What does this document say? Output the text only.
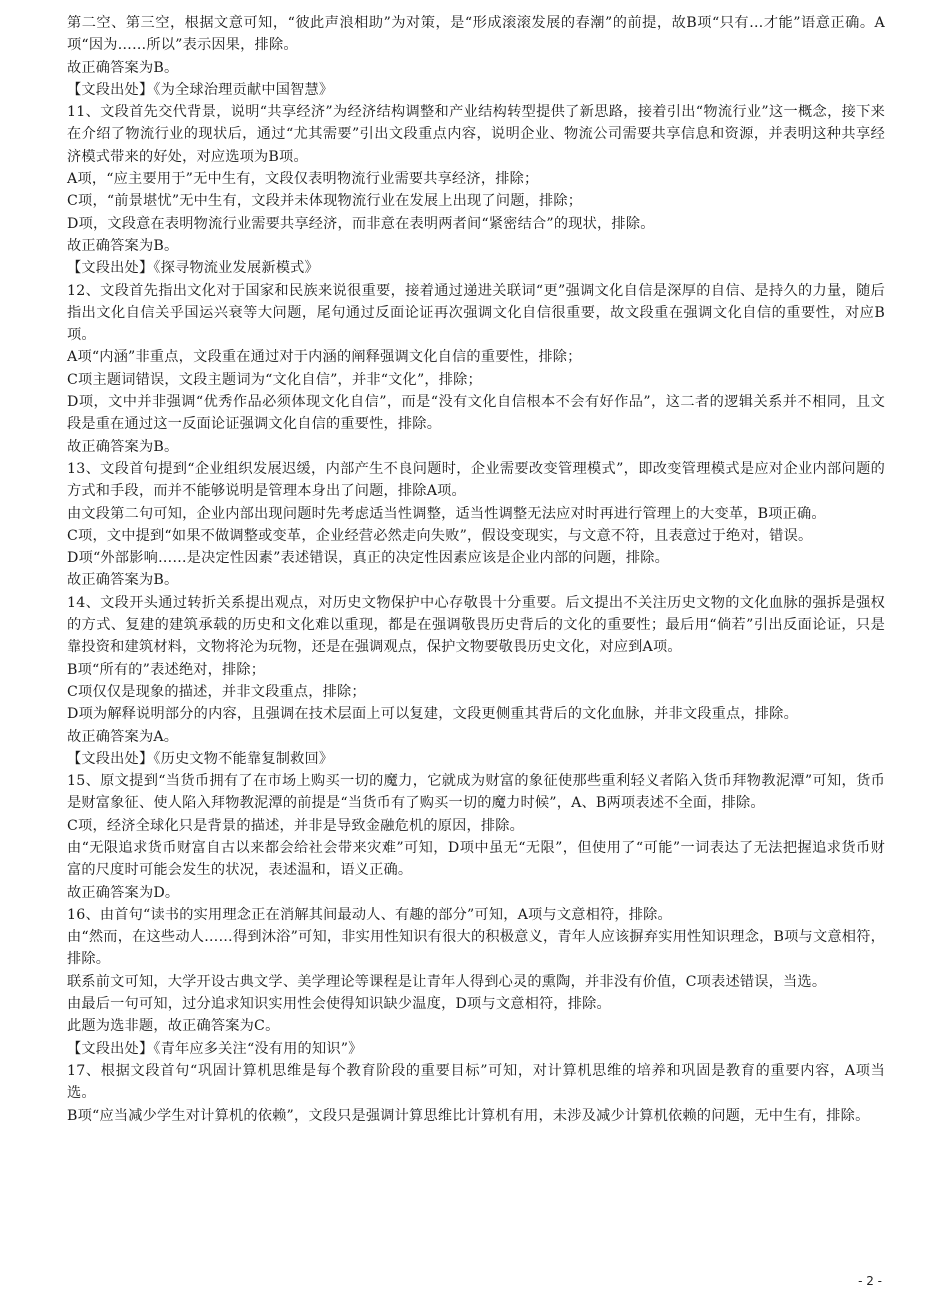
第二空、第三空，根据文意可知，“彼此声浪相助”为对策，是“形成滚滚发展的春潮”的前提，故B项“只有…才能”语意正确。A项“因为……所以”表示因果，排除。

故正确答案为B。

【文段出处】《为全球治理贡献中国智慧》

11、文段首先交代背景，说明“共享经济”为经济结构调整和产业结构转型提供了新思路，接着引出“物流行业”这一概念，接下来在介绍了物流行业的现状后，通过“尤其需要”引出文段重点内容，说明企业、物流公司需要共享信息和资源，并表明这种共享经济模式带来的好处，对应选项为B项。

A项，“应主要用于”无中生有，文段仅表明物流行业需要共享经济，排除；

C项，“前景堪忧”无中生有，文段并未体现物流行业在发展上出现了问题，排除；

D项，文段意在表明物流行业需要共享经济，而非意在表明两者间“紧密结合”的现状，排除。

故正确答案为B。

【文段出处】《探寻物流业发展新模式》

12、文段首先指出文化对于国家和民族来说很重要，接着通过递进关联词“更”强调文化自信是深厚的自信、是持久的力量，随后指出文化自信关乎国运兴衰等大问题，尾句通过反面论证再次强调文化自信很重要，故文段重在强调文化自信的重要性，对应B项。

A项“内涵”非重点，文段重在通过对于内涵的阐释强调文化自信的重要性，排除；

C项主题词错误，文段主题词为“文化自信”，并非“文化”，排除；

D项，文中并非强调“优秀作品必须体现文化自信”，而是“没有文化自信根本不会有好作品”，这二者的逻辑关系并不相同，且文段是重在通过这一反面论证强调文化自信的重要性，排除。

故正确答案为B。

13、文段首句提到“企业组织发展迟缓，内部产生不良问题时，企业需要改变管理模式”，即改变管理模式是应对企业内部问题的方式和手段，而并不能够说明是管理本身出了问题，排除A项。

由文段第二句可知，企业内部出现问题时先考虑适当性调整，适当性调整无法应对时再进行管理上的大变革，B项正确。

C项，文中提到“如果不做调整或变革，企业经营必然走向失败”，假设变现实，与文意不符，且表意过于绝对，错误。

D项“外部影响……是决定性因素”表述错误，真正的决定性因素应该是企业内部的问题，排除。

故正确答案为B。

14、文段开头通过转折关系提出观点，对历史文物保护中心存敬畏十分重要。后文提出不关注历史文物的文化血脉的强拆是强权的方式、复建的建筑承载的历史和文化难以重现，都是在强调敬畏历史背后的文化的重要性；最后用“倘若”引出反面论证，只是靠投资和建筑材料，文物将沦为玩物，还是在强调观点，保护文物要敬畏历史文化，对应到A项。

B项“所有的”表述绝对，排除；

C项仅仅是现象的描述，并非文段重点，排除；

D项为解释说明部分的内容，且强调在技术层面上可以复建，文段更侧重其背后的文化血脉，并非文段重点，排除。

故正确答案为A。

【文段出处】《历史文物不能靠复制救回》

15、原文提到“当货币拥有了在市场上购买一切的魔力，它就成为财富的象征使那些重利轻义者陷入货币拜物教泥潭”可知，货币是财富象征、使人陷入拜物教泥潭的前提是“当货币有了购买一切的魔力时候”，A、B两项表述不全面，排除。

C项，经济全球化只是背景的描述，并非是导致金融危机的原因，排除。

由“无限追求货币财富自古以来都会给社会带来灾难”可知，D项中虽无“无限”，但使用了“可能”一词表达了无法把握追求货币财富的尺度时可能会发生的状况，表述温和，语义正确。

故正确答案为D。

16、由首句“读书的实用理念正在消解其间最动人、有趣的部分”可知，A项与文意相符，排除。

由“然而，在这些动人……得到沐浴”可知，非实用性知识有很大的积极意义，青年人应该摒弃实用性知识理念，B项与文意相符，排除。

联系前文可知，大学开设古典文学、美学理论等课程是让青年人得到心灵的熏陶，并非没有价值，C项表述错误，当选。

由最后一句可知，过分追求知识实用性会使得知识缺少温度，D项与文意相符，排除。

此题为选非题，故正确答案为C。

【文段出处】《青年应多关注“没有用的知识”》

17、根据文段首句“巩固计算机思维是每个教育阶段的重要目标”可知，对计算机思维的培养和巩固是教育的重要内容，A项当选。

B项“应当减少学生对计算机的依赖”，文段只是强调计算思维比计算机有用，未涉及减少计算机依赖的问题，无中生有，排除。

- 2 -
